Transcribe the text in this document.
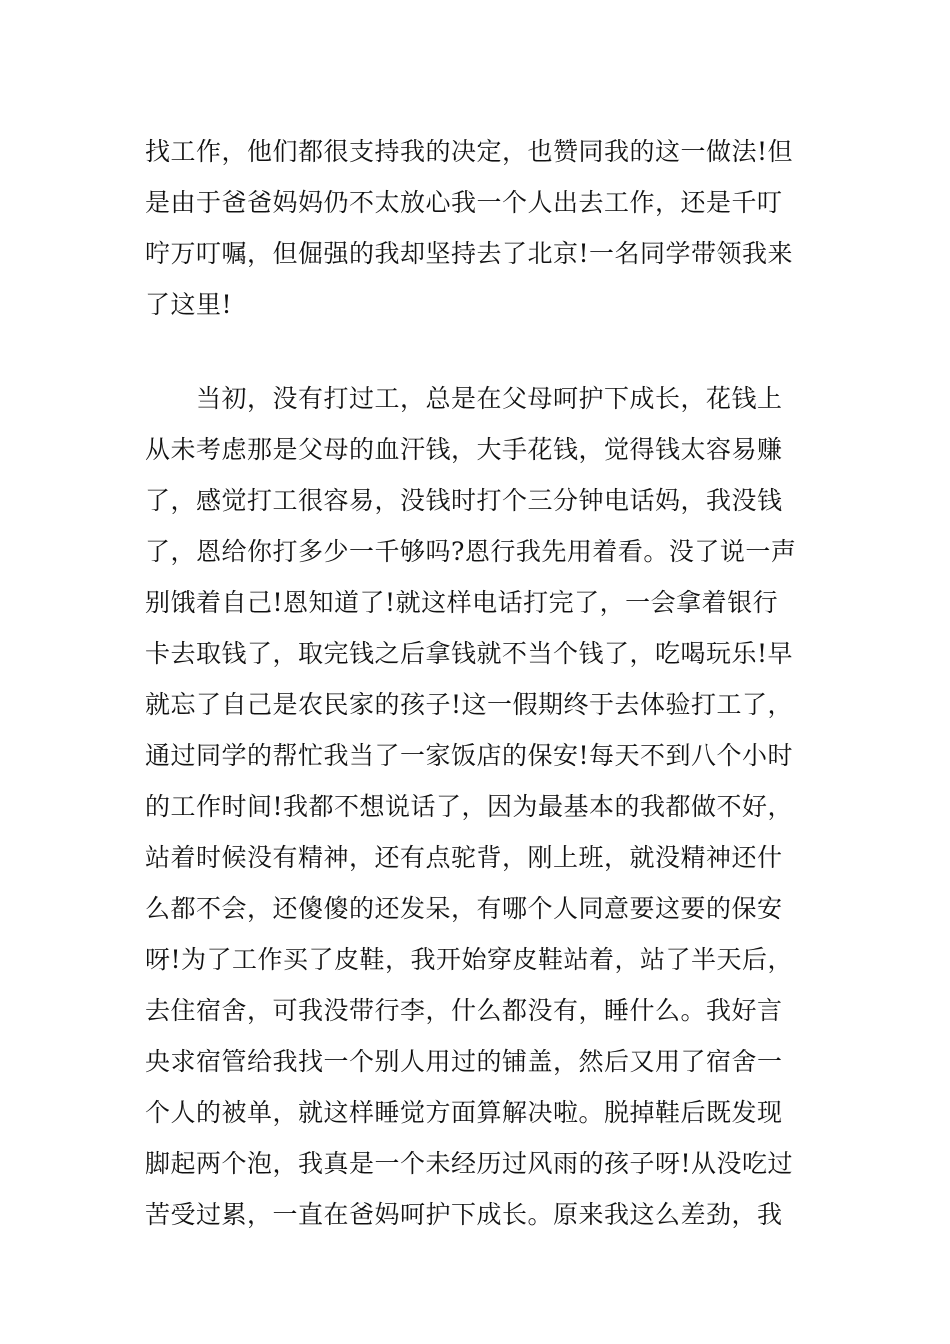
找工作，他们都很支持我的决定，也赞同我的这一做法!但
是由于爸爸妈妈仍不太放心我一个人出去工作，还是千叮
咛万叮嘱，但倔强的我却坚持去了北京!一名同学带领我来
了这里!
　　当初，没有打过工，总是在父母呵护下成长，花钱上
从未考虑那是父母的血汗钱，大手花钱，觉得钱太容易赚
了，感觉打工很容易，没钱时打个三分钟电话妈，我没钱
了，恩给你打多少一千够吗?恩行我先用着看。没了说一声
别饿着自己!恩知道了!就这样电话打完了，一会拿着银行
卡去取钱了，取完钱之后拿钱就不当个钱了，吃喝玩乐!早
就忘了自己是农民家的孩子!这一假期终于去体验打工了，
通过同学的帮忙我当了一家饭店的保安!每天不到八个小时
的工作时间!我都不想说话了，因为最基本的我都做不好，
站着时候没有精神，还有点驼背，刚上班，就没精神还什
么都不会，还傻傻的还发呆，有哪个人同意要这要的保安
呀!为了工作买了皮鞋，我开始穿皮鞋站着，站了半天后，
去住宿舍，可我没带行李，什么都没有，睡什么。我好言
央求宿管给我找一个别人用过的铺盖，然后又用了宿舍一
个人的被单，就这样睡觉方面算解决啦。脱掉鞋后既发现
脚起两个泡，我真是一个未经历过风雨的孩子呀!从没吃过
苦受过累，一直在爸妈呵护下成长。原来我这么差劲，我
